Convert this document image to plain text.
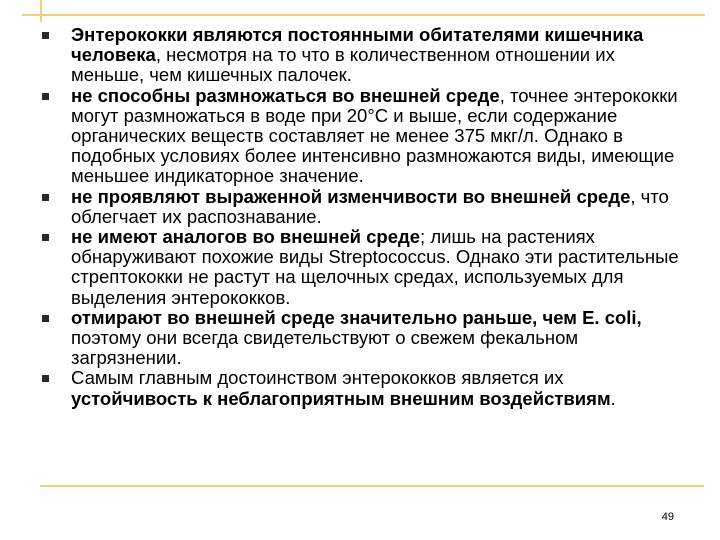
Энтерококки являются постоянными обитателями кишечника человека, несмотря на то что в количественном отношении их меньше, чем кишечных палочек.
не способны размножаться во внешней среде, точнее энтерококки могут размножаться в воде при 20°C и выше, если содержание органических веществ составляет не менее 375 мкг/л. Однако в подобных условиях более интенсивно размножаются виды, имеющие меньшее индикаторное значение.
не проявляют выраженной изменчивости во внешней среде, что облегчает их распознавание.
не имеют аналогов во внешней среде; лишь на растениях обнаруживают похожие виды Streptococcus. Однако эти растительные стрептококки не растут на щелочных средах, используемых для выделения энтерококков.
отмирают во внешней среде значительно раньше, чем E. coli, поэтому они всегда свидетельствуют о свежем фекальном загрязнении.
Самым главным достоинством энтерококков является их устойчивость к неблагоприятным внешним воздействиям.
49
